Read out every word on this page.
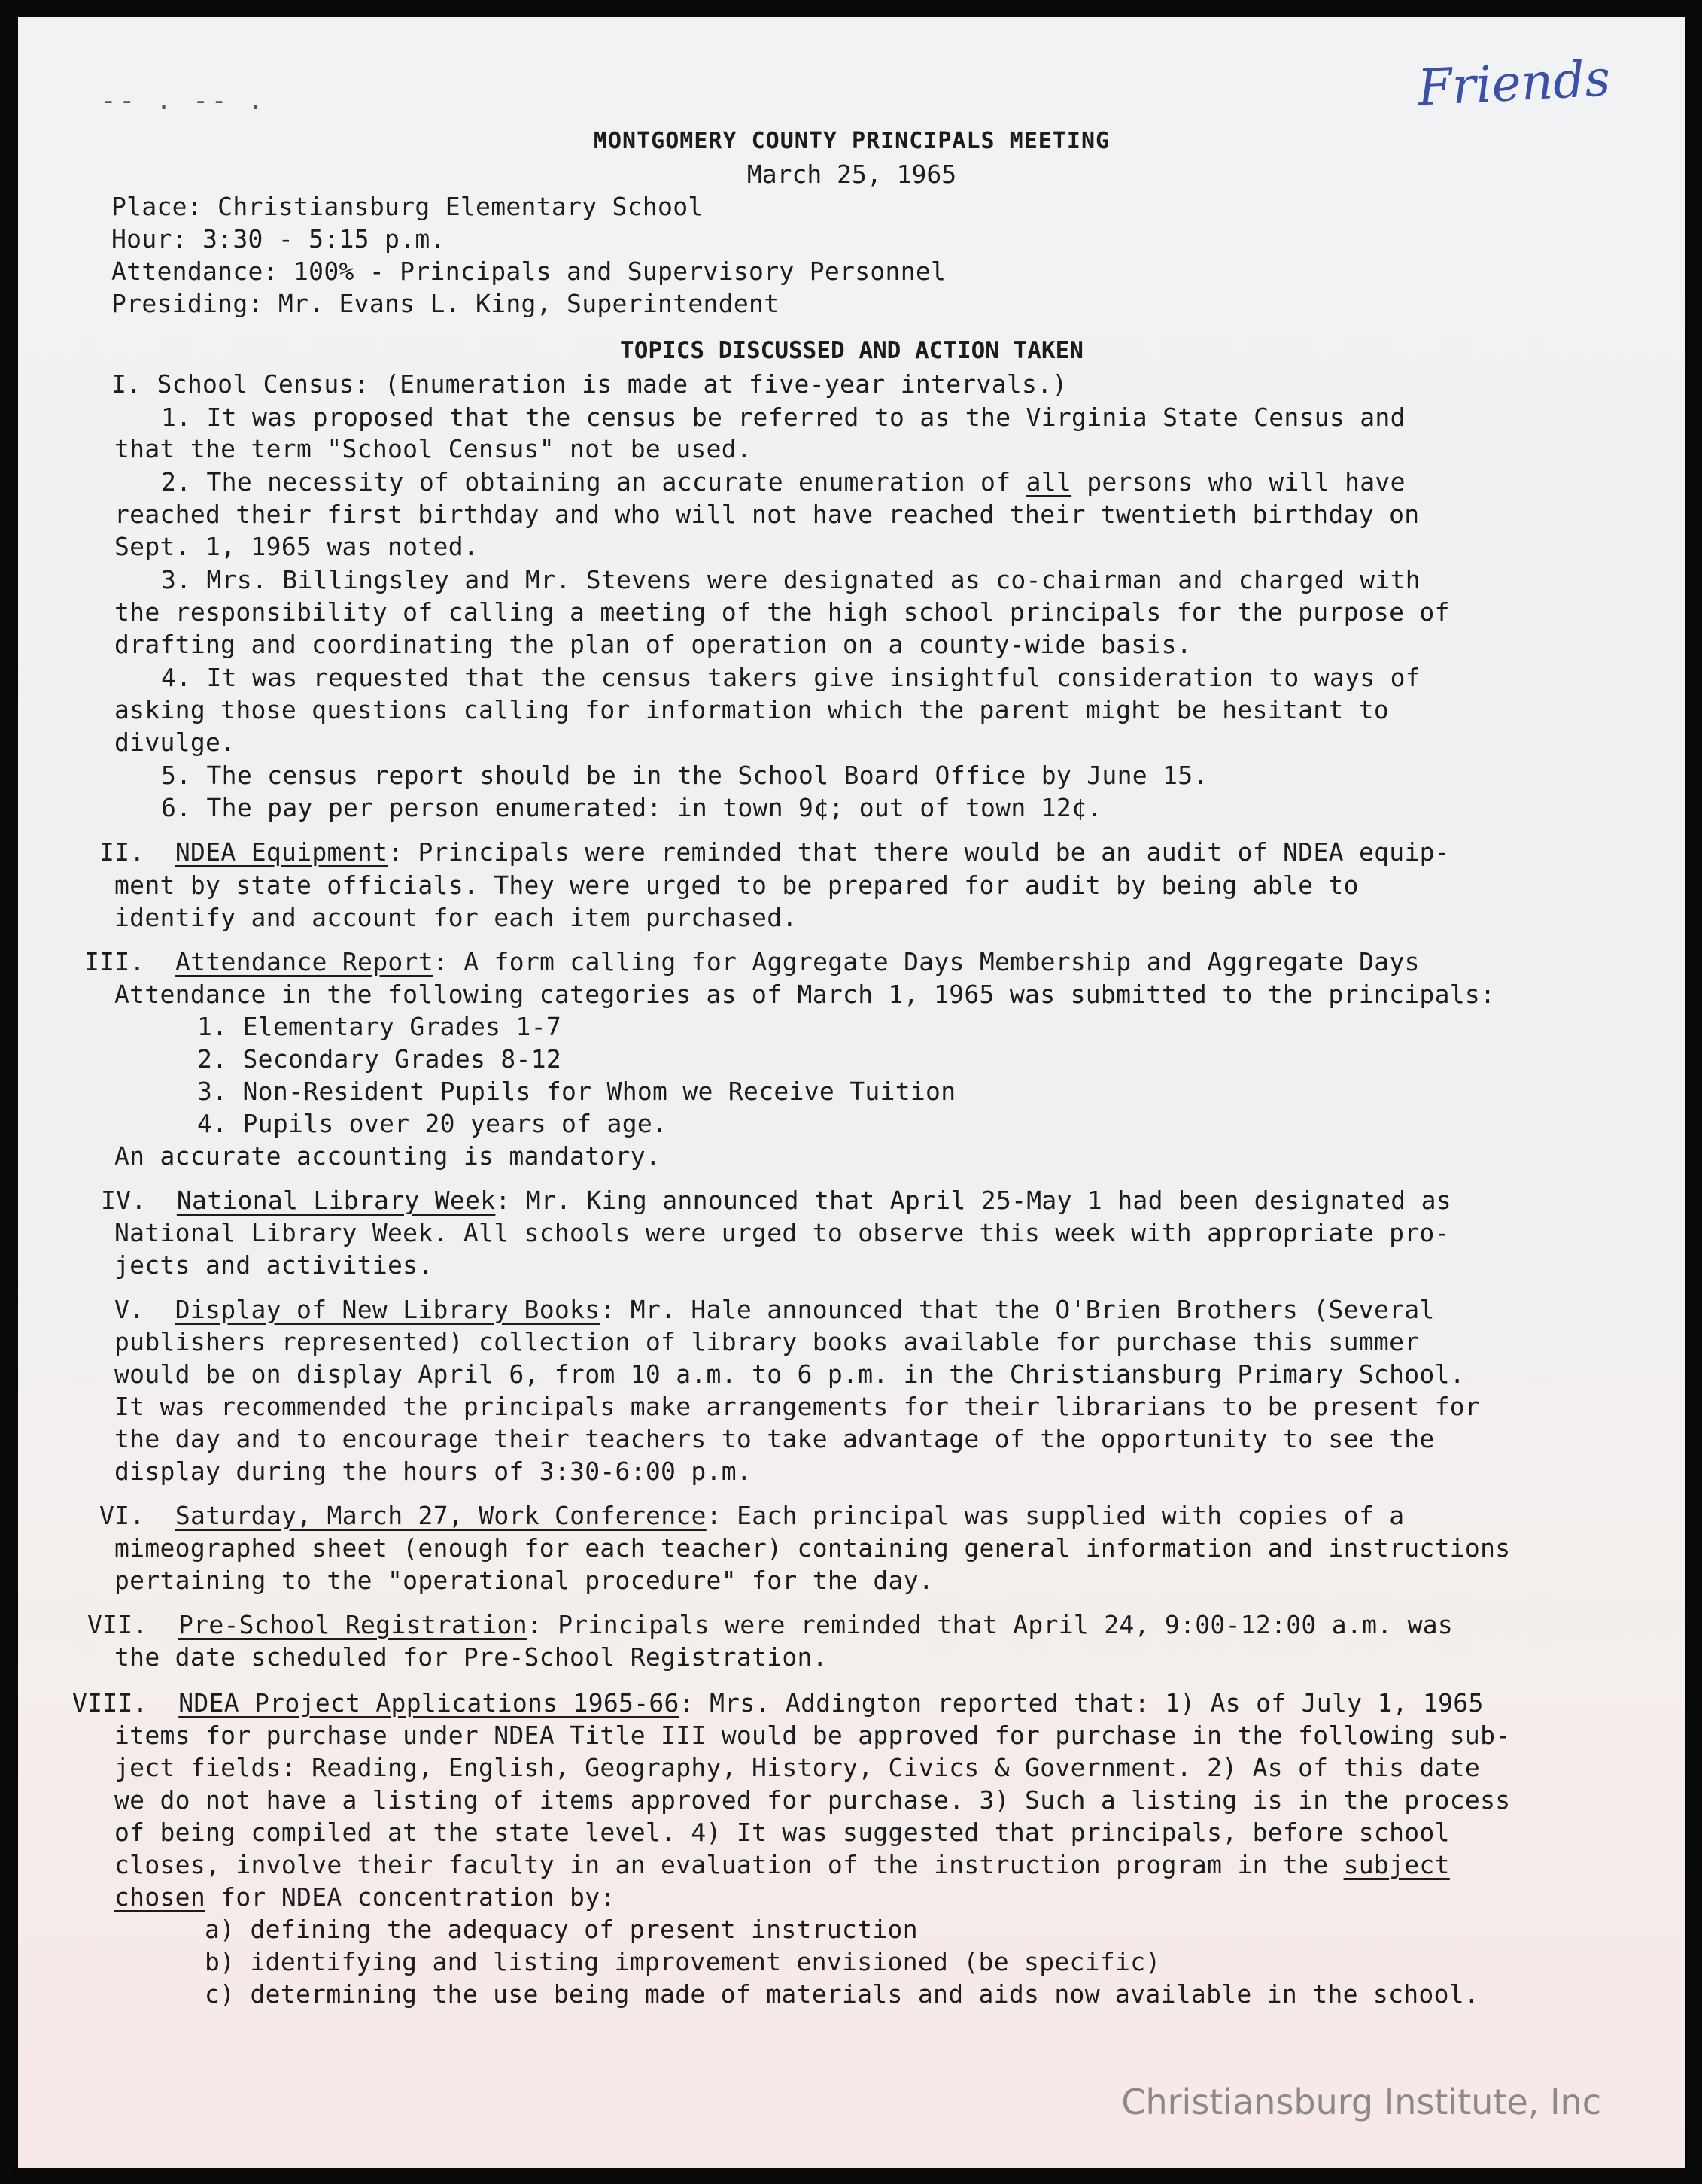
-- . -- .	Friends
MONTGOMERY COUNTY PRINCIPALS MEETING
March 25, 1965
Place: Christiansburg Elementary School
Hour: 3:30 - 5:15 p.m.
Attendance: 100% - Principals and Supervisory Personnel
Presiding: Mr. Evans L. King, Superintendent
TOPICS DISCUSSED AND ACTION TAKEN
I. School Census: (Enumeration is made at five-year intervals.)
1. It was proposed that the census be referred to as the Virginia State Census and
that the term "School Census" not be used.
2. The necessity of obtaining an accurate enumeration of all persons who will have
reached their first birthday and who will not have reached their twentieth birthday on
Sept. 1, 1965 was noted.
3. Mrs. Billingsley and Mr. Stevens were designated as co-chairman and charged with
the responsibility of calling a meeting of the high school principals for the purpose of
drafting and coordinating the plan of operation on a county-wide basis.
4. It was requested that the census takers give insightful consideration to ways of
asking those questions calling for information which the parent might be hesitant to
divulge.
5. The census report should be in the School Board Office by June 15.
6. The pay per person enumerated: in town 9¢; out of town 12¢.
II. NDEA Equipment: Principals were reminded that there would be an audit of NDEA equip-
ment by state officials. They were urged to be prepared for audit by being able to
identify and account for each item purchased.
III. Attendance Report: A form calling for Aggregate Days Membership and Aggregate Days
Attendance in the following categories as of March 1, 1965 was submitted to the principals:
1. Elementary Grades 1-7
2. Secondary Grades 8-12
3. Non-Resident Pupils for Whom we Receive Tuition
4. Pupils over 20 years of age.
An accurate accounting is mandatory.
IV. National Library Week: Mr. King announced that April 25-May 1 had been designated as
National Library Week. All schools were urged to observe this week with appropriate pro-
jects and activities.
V. Display of New Library Books: Mr. Hale announced that the O'Brien Brothers (Several
publishers represented) collection of library books available for purchase this summer
would be on display April 6, from 10 a.m. to 6 p.m. in the Christiansburg Primary School.
It was recommended the principals make arrangements for their librarians to be present for
the day and to encourage their teachers to take advantage of the opportunity to see the
display during the hours of 3:30-6:00 p.m.
VI. Saturday, March 27, Work Conference: Each principal was supplied with copies of a
mimeographed sheet (enough for each teacher) containing general information and instructions
pertaining to the "operational procedure" for the day.
VII. Pre-School Registration: Principals were reminded that April 24, 9:00-12:00 a.m. was
the date scheduled for Pre-School Registration.
VIII. NDEA Project Applications 1965-66: Mrs. Addington reported that: 1) As of July 1, 1965
items for purchase under NDEA Title III would be approved for purchase in the following sub-
ject fields: Reading, English, Geography, History, Civics & Government. 2) As of this date
we do not have a listing of items approved for purchase. 3) Such a listing is in the process
of being compiled at the state level. 4) It was suggested that principals, before school
closes, involve their faculty in an evaluation of the instruction program in the subject
chosen for NDEA concentration by:
a) defining the adequacy of present instruction
b) identifying and listing improvement envisioned (be specific)
c) determining the use being made of materials and aids now available in the school.
Christiansburg Institute, Inc
